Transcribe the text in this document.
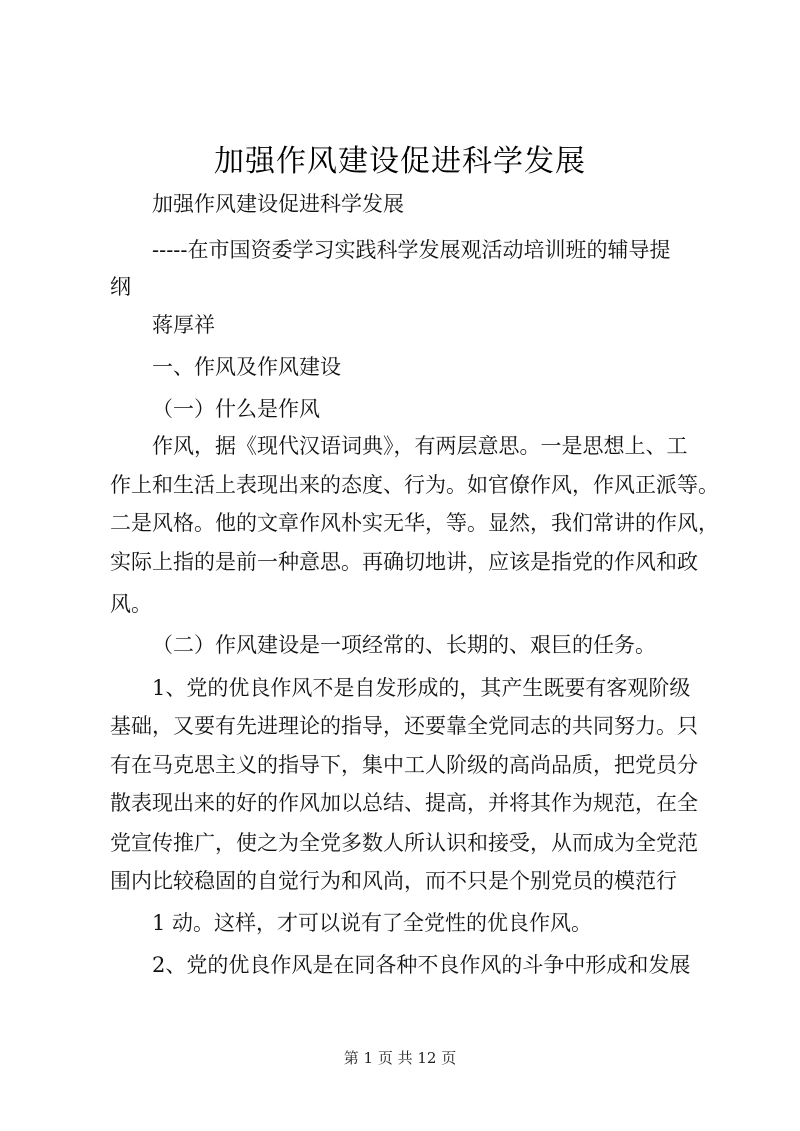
加强作风建设促进科学发展
加强作风建设促进科学发展
-----在市国资委学习实践科学发展观活动培训班的辅导提
纲
蒋厚祥
一、作风及作风建设
（一）什么是作风
作风，据《现代汉语词典》，有两层意思。一是思想上、工
作上和生活上表现出来的态度、行为。如官僚作风，作风正派等。
二是风格。他的文章作风朴实无华，等。显然，我们常讲的作风，
实际上指的是前一种意思。再确切地讲，应该是指党的作风和政
风。
（二）作风建设是一项经常的、长期的、艰巨的任务。
1、党的优良作风不是自发形成的，其产生既要有客观阶级
基础，又要有先进理论的指导，还要靠全党同志的共同努力。只
有在马克思主义的指导下，集中工人阶级的高尚品质，把党员分
散表现出来的好的作风加以总结、提高，并将其作为规范，在全
党宣传推广，使之为全党多数人所认识和接受，从而成为全党范
围内比较稳固的自觉行为和风尚，而不只是个别党员的模范行
1 动。这样，才可以说有了全党性的优良作风。
2、党的优良作风是在同各种不良作风的斗争中形成和发展
第 1 页 共 12 页
